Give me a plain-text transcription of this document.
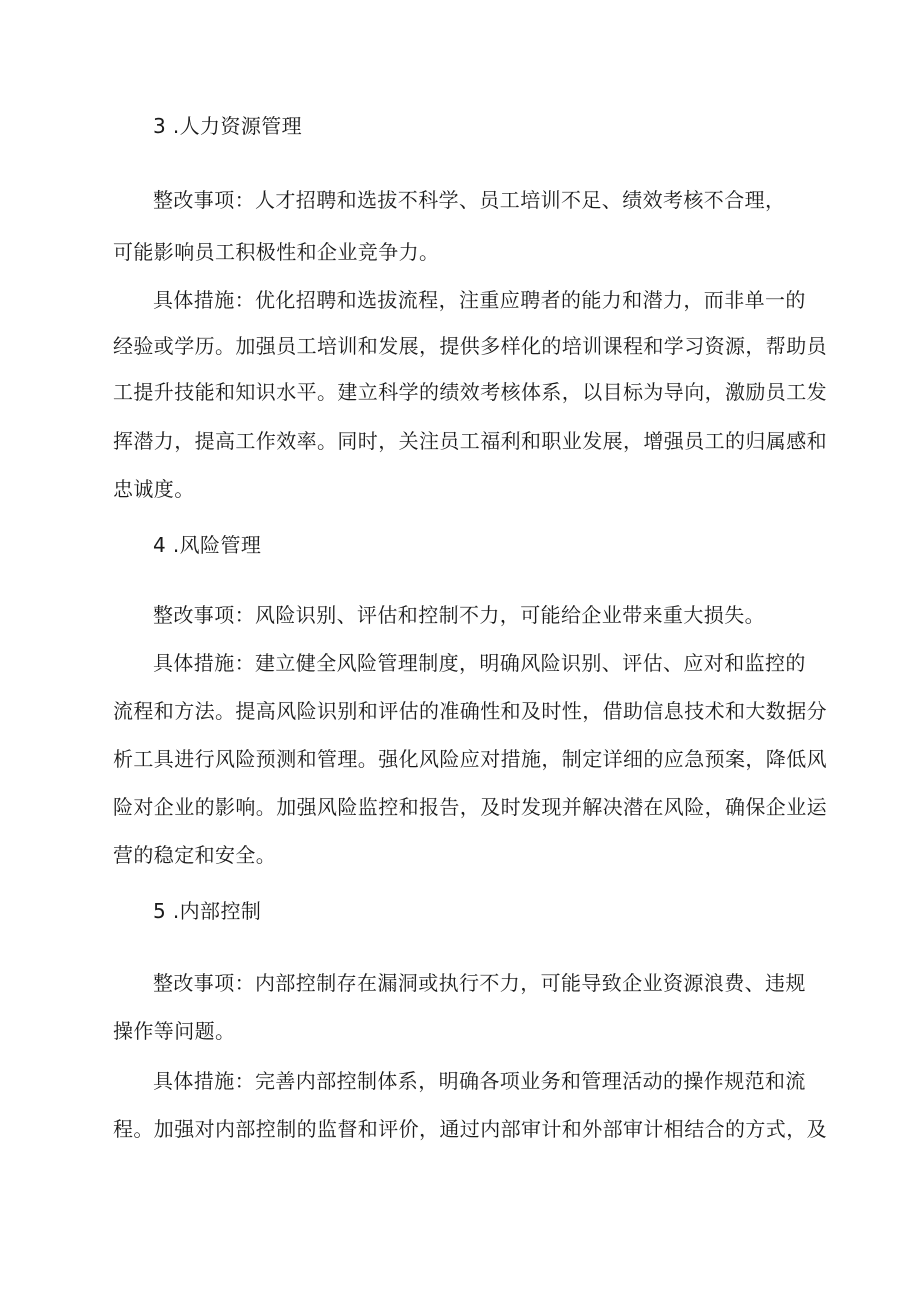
3 .人力资源管理
整改事项：人才招聘和选拔不科学、员工培训不足、绩效考核不合理，
可能影响员工积极性和企业竞争力。
具体措施：优化招聘和选拔流程，注重应聘者的能力和潜力，而非单一的
经验或学历。加强员工培训和发展，提供多样化的培训课程和学习资源，帮助员
工提升技能和知识水平。建立科学的绩效考核体系，以目标为导向，激励员工发
挥潜力，提高工作效率。同时，关注员工福利和职业发展，增强员工的归属感和
忠诚度。
4 .风险管理
整改事项：风险识别、评估和控制不力，可能给企业带来重大损失。
具体措施：建立健全风险管理制度，明确风险识别、评估、应对和监控的
流程和方法。提高风险识别和评估的准确性和及时性，借助信息技术和大数据分
析工具进行风险预测和管理。强化风险应对措施，制定详细的应急预案，降低风
险对企业的影响。加强风险监控和报告，及时发现并解决潜在风险，确保企业运
营的稳定和安全。
5 .内部控制
整改事项：内部控制存在漏洞或执行不力，可能导致企业资源浪费、违规
操作等问题。
具体措施：完善内部控制体系，明确各项业务和管理活动的操作规范和流
程。加强对内部控制的监督和评价，通过内部审计和外部审计相结合的方式，及
